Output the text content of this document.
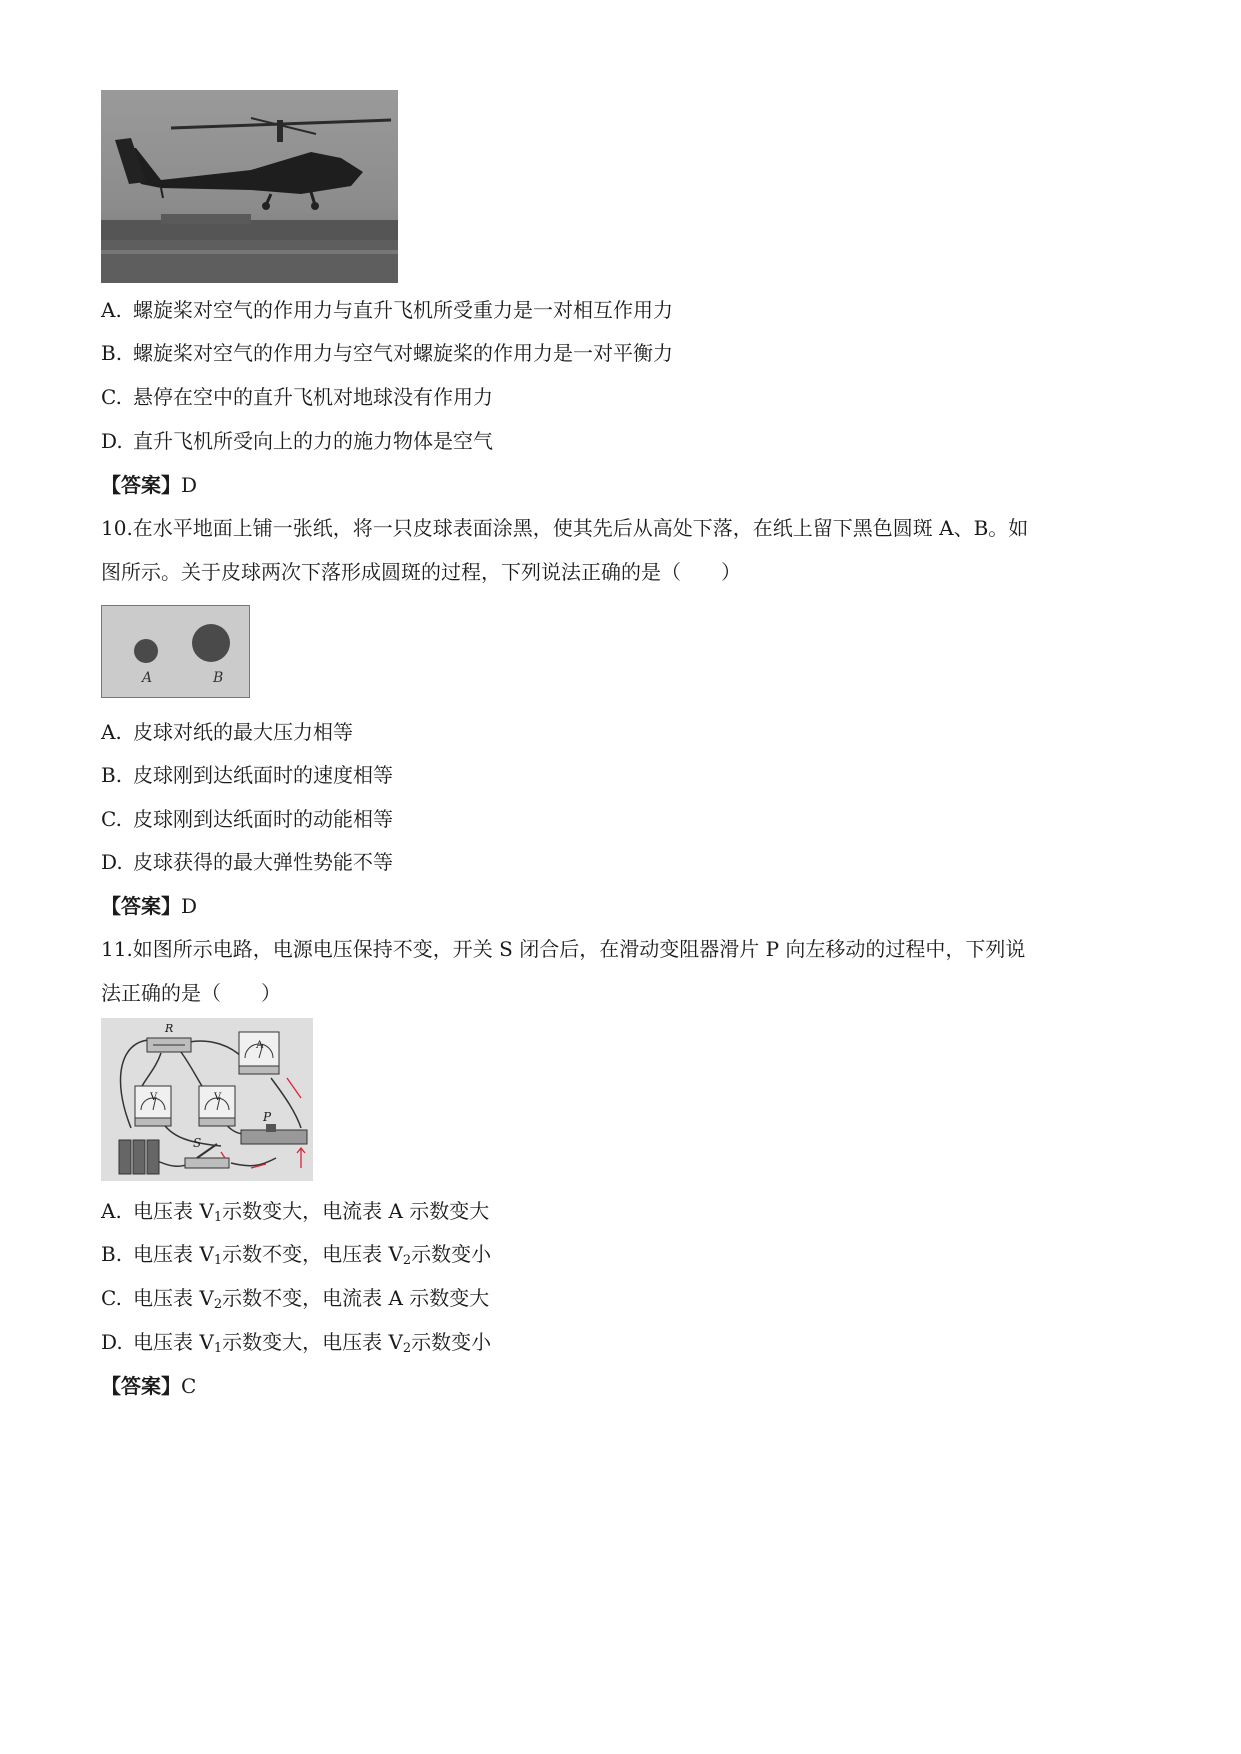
A. 螺旋桨对空气的作用力与直升飞机所受重力是一对相互作用力
B. 螺旋桨对空气的作用力与空气对螺旋桨的作用力是一对平衡力
C. 悬停在空中的直升飞机对地球没有作用力
D. 直升飞机所受向上的力的施力物体是空气
【答案】D
10.在水平地面上铺一张纸，将一只皮球表面涂黑，使其先后从高处下落，在纸上留下黑色圆斑 A、B。如
图所示。关于皮球两次下落形成圆斑的过程，下列说法正确的是（　　）
A	B
A. 皮球对纸的最大压力相等
B. 皮球刚到达纸面时的速度相等
C. 皮球刚到达纸面时的动能相等
D. 皮球获得的最大弹性势能不等
【答案】D
11.如图所示电路，电源电压保持不变，开关 S 闭合后，在滑动变阻器滑片 P 向左移动的过程中，下列说
法正确的是（　　）
R
A
V	V
P
S
A. 电压表 $V_1$示数变大，电流表 A 示数变大
B. 电压表 $V_1$示数不变，电压表 $V_2$示数变小
C. 电压表 $V_2$示数不变，电流表 A 示数变大
D. 电压表 $V_1$示数变大，电压表 $V_2$示数变小
【答案】C
